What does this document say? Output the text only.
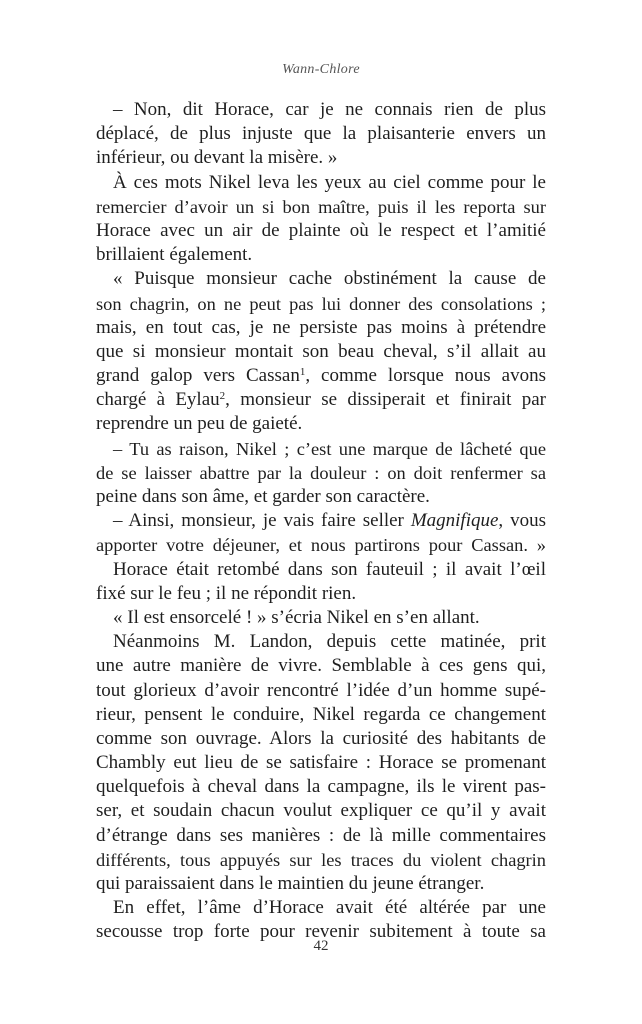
Wann-Chlore
– Non, dit Horace, car je ne connais rien de plus
déplacé, de plus injuste que la plaisanterie envers un
inférieur, ou devant la misère. »
À ces mots Nikel leva les yeux au ciel comme pour le
remercier d’avoir un si bon maître, puis il les reporta sur
Horace avec un air de plainte où le respect et l’amitié
brillaient également.
« Puisque monsieur cache obstinément la cause de
son chagrin, on ne peut pas lui donner des consolations ;
mais, en tout cas, je ne persiste pas moins à prétendre
que si monsieur montait son beau cheval, s’il allait au
grand galop vers Cassan$^1$, comme lorsque nous avons
chargé à Eylau$^2$, monsieur se dissiperait et finirait par
reprendre un peu de gaieté.
– Tu as raison, Nikel ; c’est une marque de lâcheté que
de se laisser abattre par la douleur : on doit renfermer sa
peine dans son âme, et garder son caractère.
– Ainsi, monsieur, je vais faire seller Magnifique, vous
apporter votre déjeuner, et nous partirons pour Cassan. »
Horace était retombé dans son fauteuil ; il avait l’œil
fixé sur le feu ; il ne répondit rien.
« Il est ensorcelé ! » s’écria Nikel en s’en allant.
Néanmoins M. Landon, depuis cette matinée, prit
une autre manière de vivre. Semblable à ces gens qui,
tout glorieux d’avoir rencontré l’idée d’un homme supé-
rieur, pensent le conduire, Nikel regarda ce changement
comme son ouvrage. Alors la curiosité des habitants de
Chambly eut lieu de se satisfaire : Horace se promenant
quelquefois à cheval dans la campagne, ils le virent pas-
ser, et soudain chacun voulut expliquer ce qu’il y avait
d’étrange dans ses manières : de là mille commentaires
différents, tous appuyés sur les traces du violent chagrin
qui paraissaient dans le maintien du jeune étranger.
En effet, l’âme d’Horace avait été altérée par une
secousse trop forte pour revenir subitement à toute sa
42
